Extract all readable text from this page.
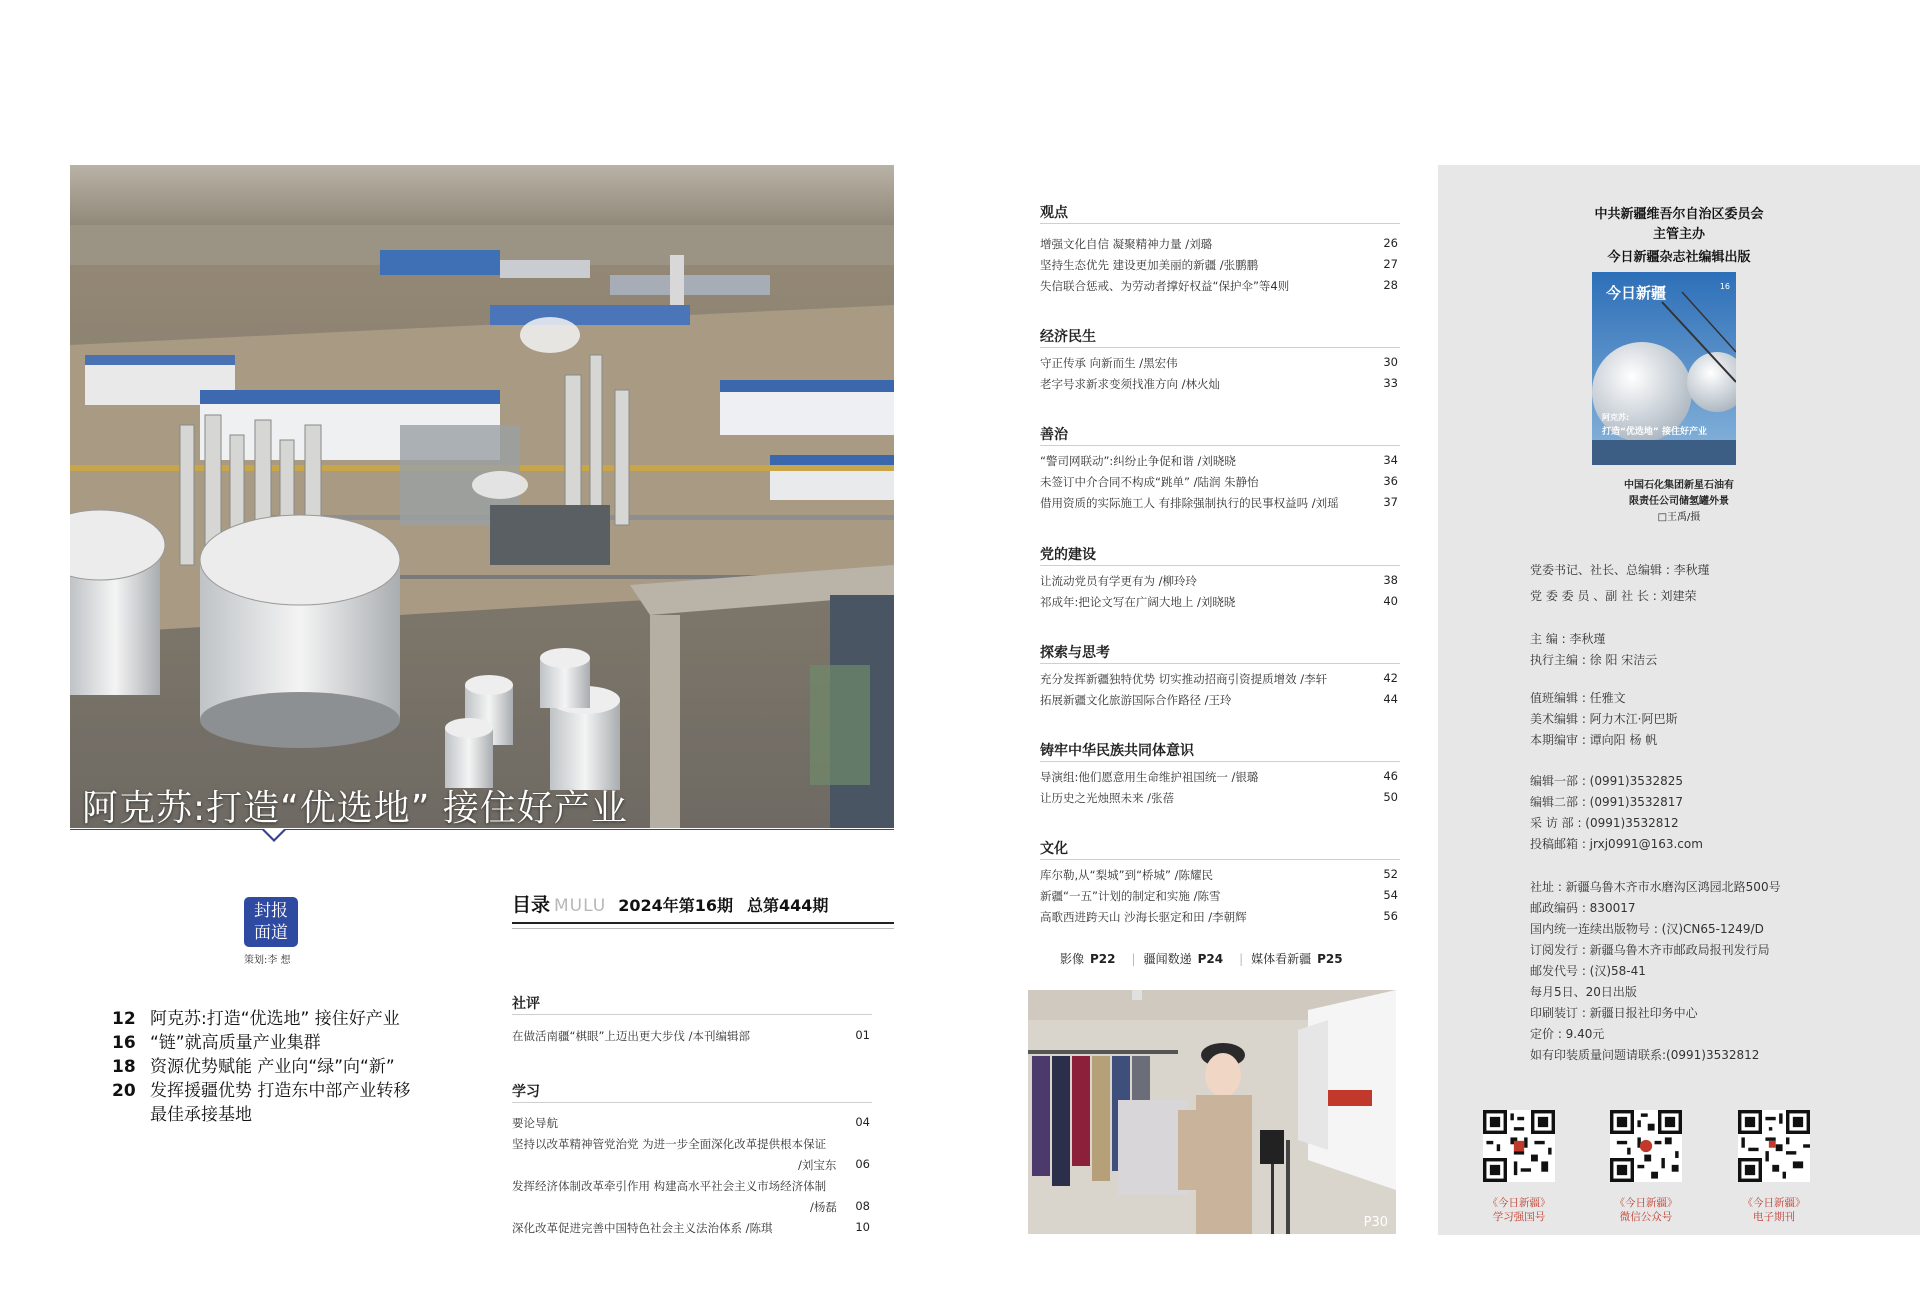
阿克苏:打造“优选地” 接住好产业
封报
面道
策划:李 想
12 阿克苏:打造“优选地” 接住好产业
16 “链”就高质量产业集群
18 资源优势赋能 产业向“绿”向“新”
20 发挥援疆优势 打造东中部产业转移
最佳承接基地
目录 MULU 2024年第16期 总第444期
社评
在做活南疆“棋眼”上迈出更大步伐 /本刊编辑部	01
学习
要论导航	04
坚持以改革精神管党治党 为进一步全面深化改革提供根本保证
/刘宝东	06
发挥经济体制改革牵引作用 构建高水平社会主义市场经济体制
/杨磊	08
深化改革促进完善中国特色社会主义法治体系 /陈琪	10
观点
增强文化自信 凝聚精神力量 /刘璐	26
坚持生态优先 建设更加美丽的新疆 /张鹏鹏	27
失信联合惩戒、为劳动者撑好权益“保护伞”等4则	28
经济民生
守正传承 向新而生 /黑宏伟	30
老字号求新求变须找准方向 /林火灿	33
善治
“警司网联动”:纠纷止争促和谐 /刘晓晓	34
未签订中介合同不构成“跳单” /陆润 朱静怡	36
借用资质的实际施工人 有排除强制执行的民事权益吗 /刘瑶	37
党的建设
让流动党员有学更有为 /柳玲玲	38
祁成年:把论文写在广阔大地上 /刘晓晓	40
探索与思考
充分发挥新疆独特优势 切实推动招商引资提质增效 /李轩	42
拓展新疆文化旅游国际合作路径 /王玲	44
铸牢中华民族共同体意识
导演组:他们愿意用生命维护祖国统一 /银璐	46
让历史之光烛照未来 /张蓓	50
文化
库尔勒,从“梨城”到“桥城” /陈耀民	52
新疆“一五”计划的制定和实施 /陈雪	54
高歌西进跨天山 沙海长驱定和田 /李朝辉	56
影像 P22 | 疆闻数递 P24 | 媒体看新疆 P25
P30
中共新疆维吾尔自治区委员会
主管主办
今日新疆杂志社编辑出版
今日新疆	16
阿克苏:
打造“优选地” 接住好产业
中国石化集团新星石油有
限责任公司储氢罐外景
□王禹/摄
党委书记、社长、总编辑 : 李秋瑾
党 委 委 员 、副 社 长 : 刘建荣
主 编 : 李秋瑾
执行主编 : 徐 阳 宋洁云
值班编辑 : 任雅文
美术编辑 : 阿力木江·阿巴斯
本期编审 : 谭向阳 杨 帆
编辑一部 : (0991)3532825
编辑二部 : (0991)3532817
采 访 部 : (0991)3532812
投稿邮箱 : jrxj0991@163.com
社址 : 新疆乌鲁木齐市水磨沟区鸿园北路500号
邮政编码 : 830017
国内统一连续出版物号 : (汉)CN65-1249/D
订阅发行 : 新疆乌鲁木齐市邮政局报刊发行局
邮发代号 : (汉)58-41
每月5日、20日出版
印刷装订 : 新疆日报社印务中心
定价 : 9.40元
如有印装质量问题请联系:(0991)3532812
《今日新疆》
学习强国号
《今日新疆》
微信公众号
《今日新疆》
电子期刊
